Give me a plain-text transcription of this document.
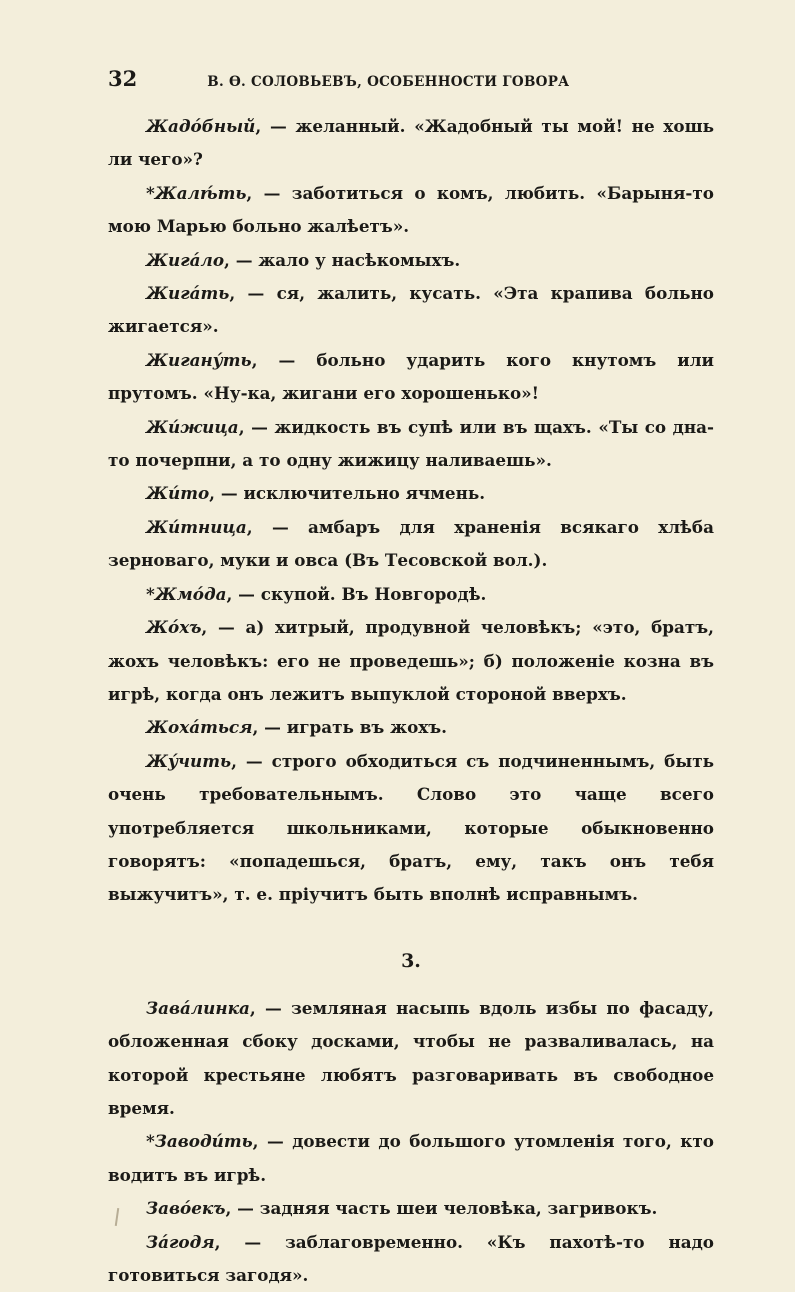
32	В. Ѳ. СОЛОВЬЕВЪ, ОСОБЕННОСТИ ГОВОРА

Жадóбный, — желанный. «Жадобный ты мой! не хошь ли чего»?

*Жалѣ́ть, — заботиться о комъ, любить. «Барыня-то мою Марью больно жалѣетъ».

Жигáло, — жало у насѣкомыхъ.

Жигáть, — ся, жалить, кусать. «Эта крапива больно жигается».

Жигану́ть, — больно ударить кого кнутомъ или прутомъ. «Ну-ка, жигани его хорошенько»!

Жи́жица, — жидкость въ супѣ или въ щахъ. «Ты со дна-то почерпни, а то одну жижицу наливаешь».

Жи́то, — исключительно ячмень.

Жи́тница, — амбаръ для храненія всякаго хлѣба зерноваго, муки и овса (Въ Тесовской вол.).

*Жмóда, — скупой. Въ Новгородѣ.

Жóхъ, — а) хитрый, продувной человѣкъ; «это, братъ, жохъ человѣкъ: его не проведешь»; б) положеніе козна въ игрѣ, когда онъ лежитъ выпуклой стороной вверхъ.

Жохáться, — играть въ жохъ.

Жу́чить, — строго обходиться съ подчиненнымъ, быть очень требовательнымъ. Слово это чаще всего употребляется школьниками, которые обыкновенно говорятъ: «попадешься, братъ, ему, такъ онъ тебя выжучитъ», т. е. пріучитъ быть вполнѣ исправнымъ.

3.

Завáлинка, — земляная насыпь вдоль избы по фасаду, обложенная сбоку досками, чтобы не разваливалась, на которой крестьяне любятъ разговаривать въ свободное время.

*Заводи́ть, — довести до большого утомленія того, кто водитъ въ игрѣ.

Завóекъ, — задняя часть шеи человѣка, загривокъ.

Зáгодя, — заблаговременно. «Къ пахотѣ-то надо готовиться загодя».
